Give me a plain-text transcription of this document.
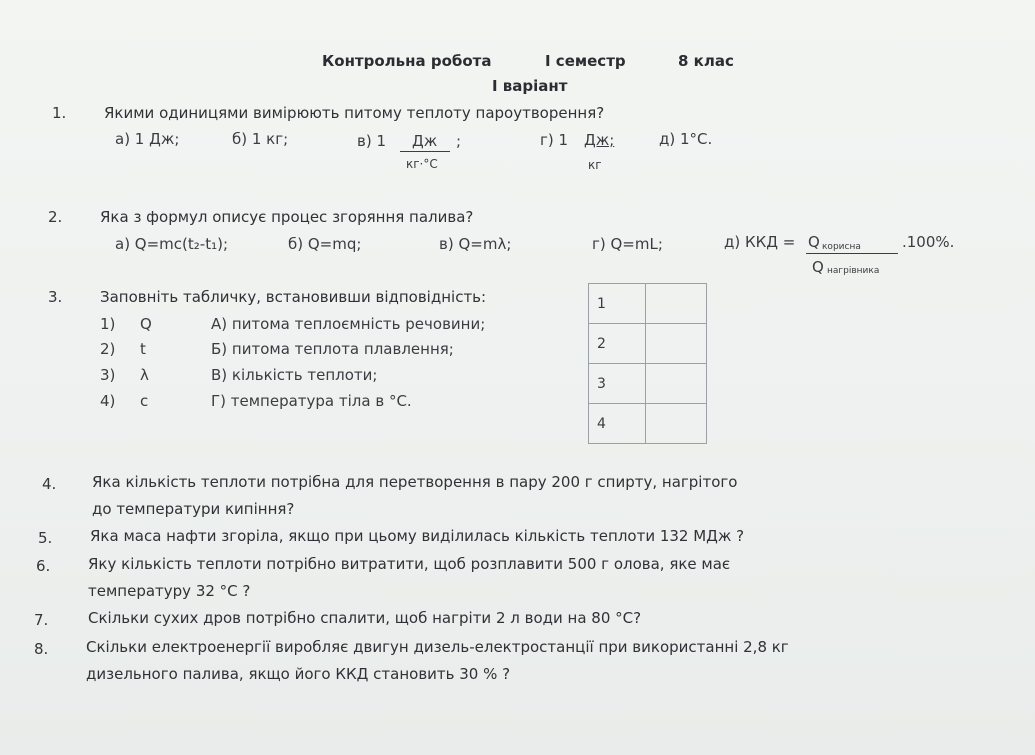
Контрольна робота	І семестр	8 клас
І варіант
1.	Якими одиницями вимірюють питому теплоту пароутворення?
а) 1 Дж;	б) 1 кг;	в) 1 Дж ;
кг·°С
г) 1 Дж;
кг
д) 1°С.
2.	Яка з формул описує процес згоряння палива?
а) Q=mc(t₂-t₁);	б) Q=mq;	в) Q=mλ;	г) Q=mL;	д) ККД = Q корисна	.100%.
Q нагрівника
3.	Заповніть табличку, встановивши відповідність:
1) Q	А) питома теплоємність речовини;
2) t	Б) питома теплота плавлення;
3) λ	В) кількість теплоти;
4) c	Г) температура тіла в °С.
1	
2	
3	
4	
4. Яка кількість теплоти потрібна для перетворення в пару 200 г спирту, нагрітого
до температури кипіння?
5.	Яка маса нафти згоріла, якщо при цьому виділилась кількість теплоти 132 МДж ?
6.	Яку кількість теплоти потрібно витратити, щоб розплавити 500 г олова, яке має
температуру 32 °С ?
7.	Скільки сухих дров потрібно спалити, щоб нагріти 2 л води на 80 °С?
8.	Скільки електроенергії виробляє двигун дизель-електростанції при використанні 2,8 кг
дизельного палива, якщо його ККД становить 30 % ?
